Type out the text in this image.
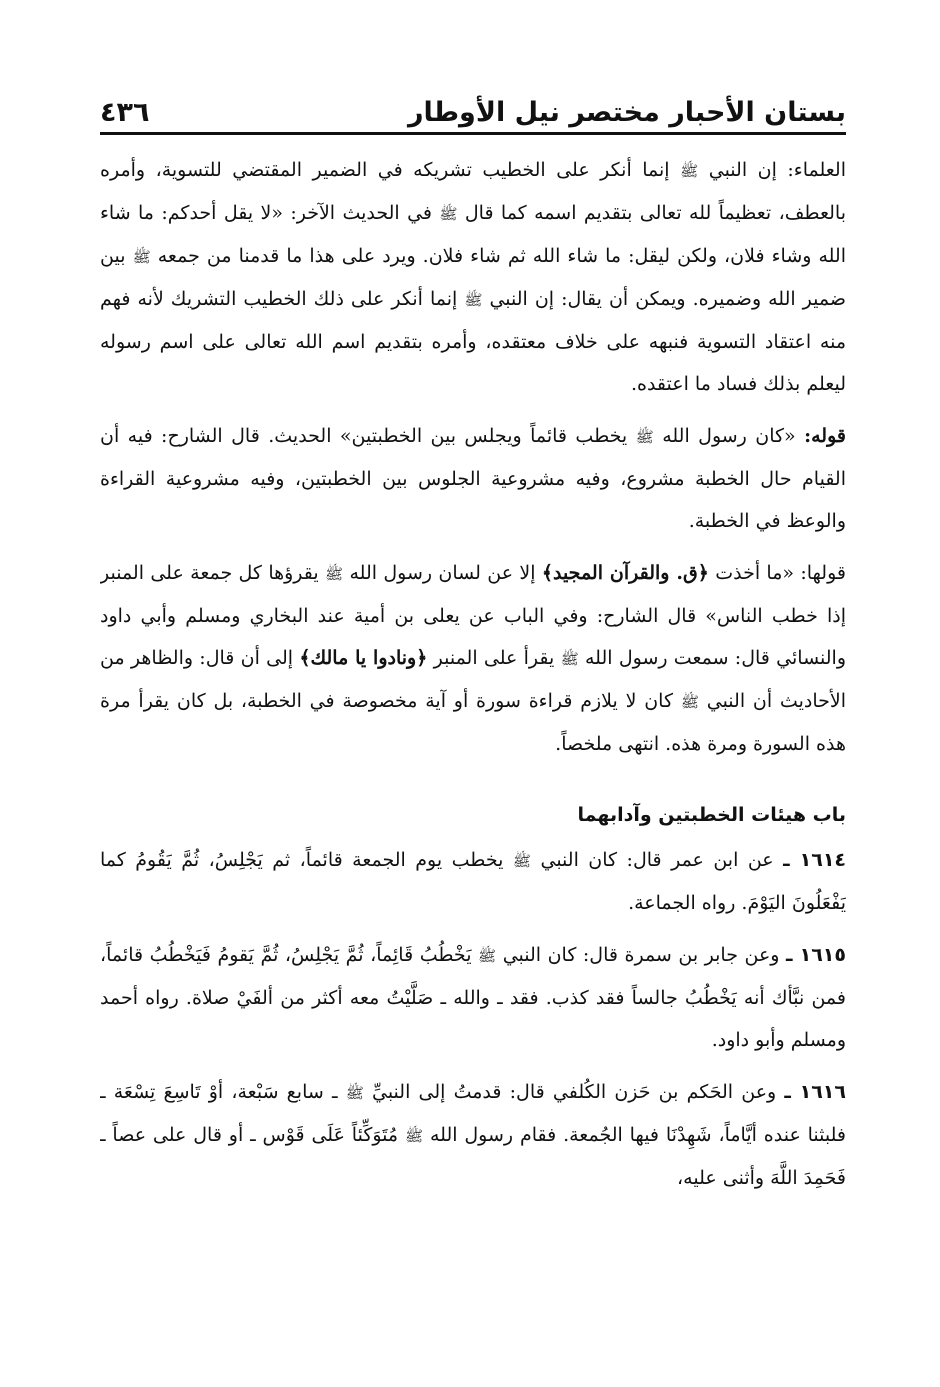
بستان الأحبار مختصر نيل الأوطار
٤٣٦

العلماء: إن النبي ﷺ إنما أنكر على الخطيب تشريكه في الضمير المقتضي للتسوية، وأمره بالعطف، تعظيماً لله تعالى بتقديم اسمه كما قال ﷺ في الحديث الآخر: «لا يقل أحدكم: ما شاء الله وشاء فلان، ولكن ليقل: ما شاء الله ثم شاء فلان. ويرد على هذا ما قدمنا من جمعه ﷺ بين ضمير الله وضميره. ويمكن أن يقال: إن النبي ﷺ إنما أنكر على ذلك الخطيب التشريك لأنه فهم منه اعتقاد التسوية فنبهه على خلاف معتقده، وأمره بتقديم اسم الله تعالى على اسم رسوله ليعلم بذلك فساد ما اعتقده.

قوله: «كان رسول الله ﷺ يخطب قائماً ويجلس بين الخطبتين» الحديث. قال الشارح: فيه أن القيام حال الخطبة مشروع، وفيه مشروعية الجلوس بين الخطبتين، وفيه مشروعية القراءة والوعظ في الخطبة.

قولها: «ما أخذت ﴿ق. والقرآن المجيد﴾ إلا عن لسان رسول الله ﷺ يقرؤها كل جمعة على المنبر إذا خطب الناس» قال الشارح: وفي الباب عن يعلى بن أمية عند البخاري ومسلم وأبي داود والنسائي قال: سمعت رسول الله ﷺ يقرأ على المنبر ﴿ونادوا يا مالك﴾ إلى أن قال: والظاهر من الأحاديث أن النبي ﷺ كان لا يلازم قراءة سورة أو آية مخصوصة في الخطبة، بل كان يقرأ مرة هذه السورة ومرة هذه. انتهى ملخصاً.

باب هيئات الخطبتين وآدابهما

١٦١٤ ـ عن ابن عمر قال: كان النبي ﷺ يخطب يوم الجمعة قائماً، ثم يَجْلِسُ، ثُمَّ يَقُومُ كما يَفْعَلُونَ اليَوْمَ. رواه الجماعة.

١٦١٥ ـ وعن جابر بن سمرة قال: كان النبي ﷺ يَخْطُبُ قَائِماً، ثُمَّ يَجْلِسُ، ثُمَّ يَقومُ فَيَخْطُبُ قائماً، فمن نبَّأك أنه يَخْطُبُ جالساً فقد كذب. فقد ـ والله ـ صَلَّيْتُ معه أكثر من ألفَيْ صلاة. رواه أحمد ومسلم وأبو داود.

١٦١٦ ـ وعن الحَكم بن حَزن الكُلفي قال: قدمتُ إلى النبيِّ ﷺ ـ سابع سَبْعة، أوْ تَاسِعَ تِسْعَة ـ فلبثنا عنده أيَّاماً، شَهِدْنَا فيها الجُمعة. فقام رسول الله ﷺ مُتَوَكِّئاً عَلَى قَوْس ـ أو قال على عصاً ـ فَحَمِدَ اللَّهَ وأثنى عليه،
